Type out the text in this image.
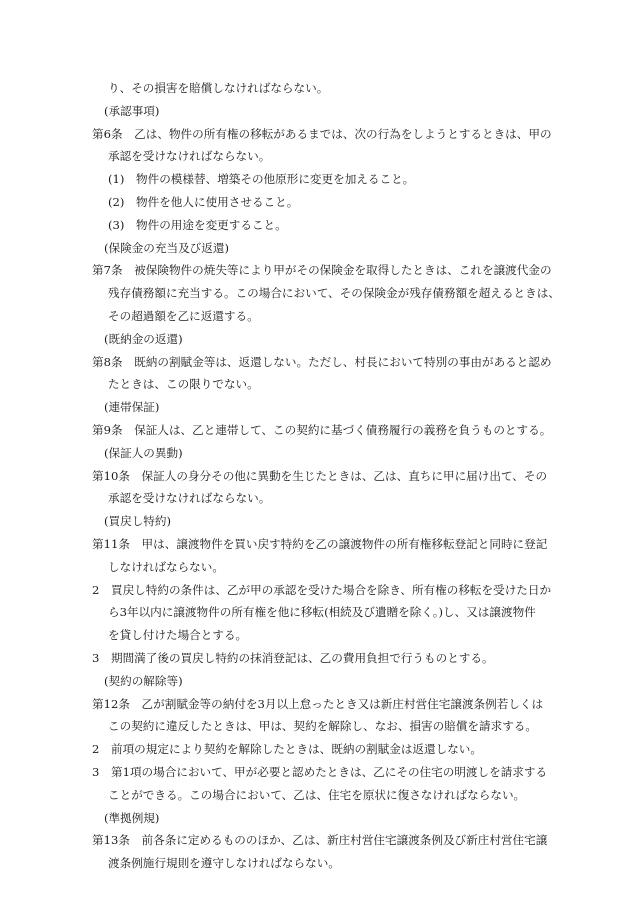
り、その損害を賠償しなければならない。
(承認事項)
第6条　乙は、物件の所有権の移転があるまでは、次の行為をしようとするときは、甲の
承認を受けなければならない。
(1)　物件の模様替、増築その他原形に変更を加えること。
(2)　物件を他人に使用させること。
(3)　物件の用途を変更すること。
(保険金の充当及び返還)
第7条　被保険物件の焼失等により甲がその保険金を取得したときは、これを譲渡代金の
残存債務額に充当する。この場合において、その保険金が残存債務額を超えるときは、
その超過額を乙に返還する。
(既納金の返還)
第8条　既納の割賦金等は、返還しない。ただし、村長において特別の事由があると認め
たときは、この限りでない。
(連帯保証)
第9条　保証人は、乙と連帯して、この契約に基づく債務履行の義務を負うものとする。
(保証人の異動)
第10条　保証人の身分その他に異動を生じたときは、乙は、直ちに甲に届け出て、その
承認を受けなければならない。
(買戻し特約)
第11条　甲は、譲渡物件を買い戻す特約を乙の譲渡物件の所有権移転登記と同時に登記
しなければならない。
2　買戻し特約の条件は、乙が甲の承認を受けた場合を除き、所有権の移転を受けた日か
ら3年以内に譲渡物件の所有権を他に移転(相続及び遺贈を除く。)し、又は譲渡物件
を貸し付けた場合とする。
3　期間満了後の買戻し特約の抹消登記は、乙の費用負担で行うものとする。
(契約の解除等)
第12条　乙が割賦金等の納付を3月以上怠ったとき又は新庄村営住宅譲渡条例若しくは
この契約に違反したときは、甲は、契約を解除し、なお、損害の賠償を請求する。
2　前項の規定により契約を解除したときは、既納の割賦金は返還しない。
3　第1項の場合において、甲が必要と認めたときは、乙にその住宅の明渡しを請求する
ことができる。この場合において、乙は、住宅を原状に復さなければならない。
(準拠例規)
第13条　前各条に定めるもののほか、乙は、新庄村営住宅譲渡条例及び新庄村営住宅譲
渡条例施行規則を遵守しなければならない。
